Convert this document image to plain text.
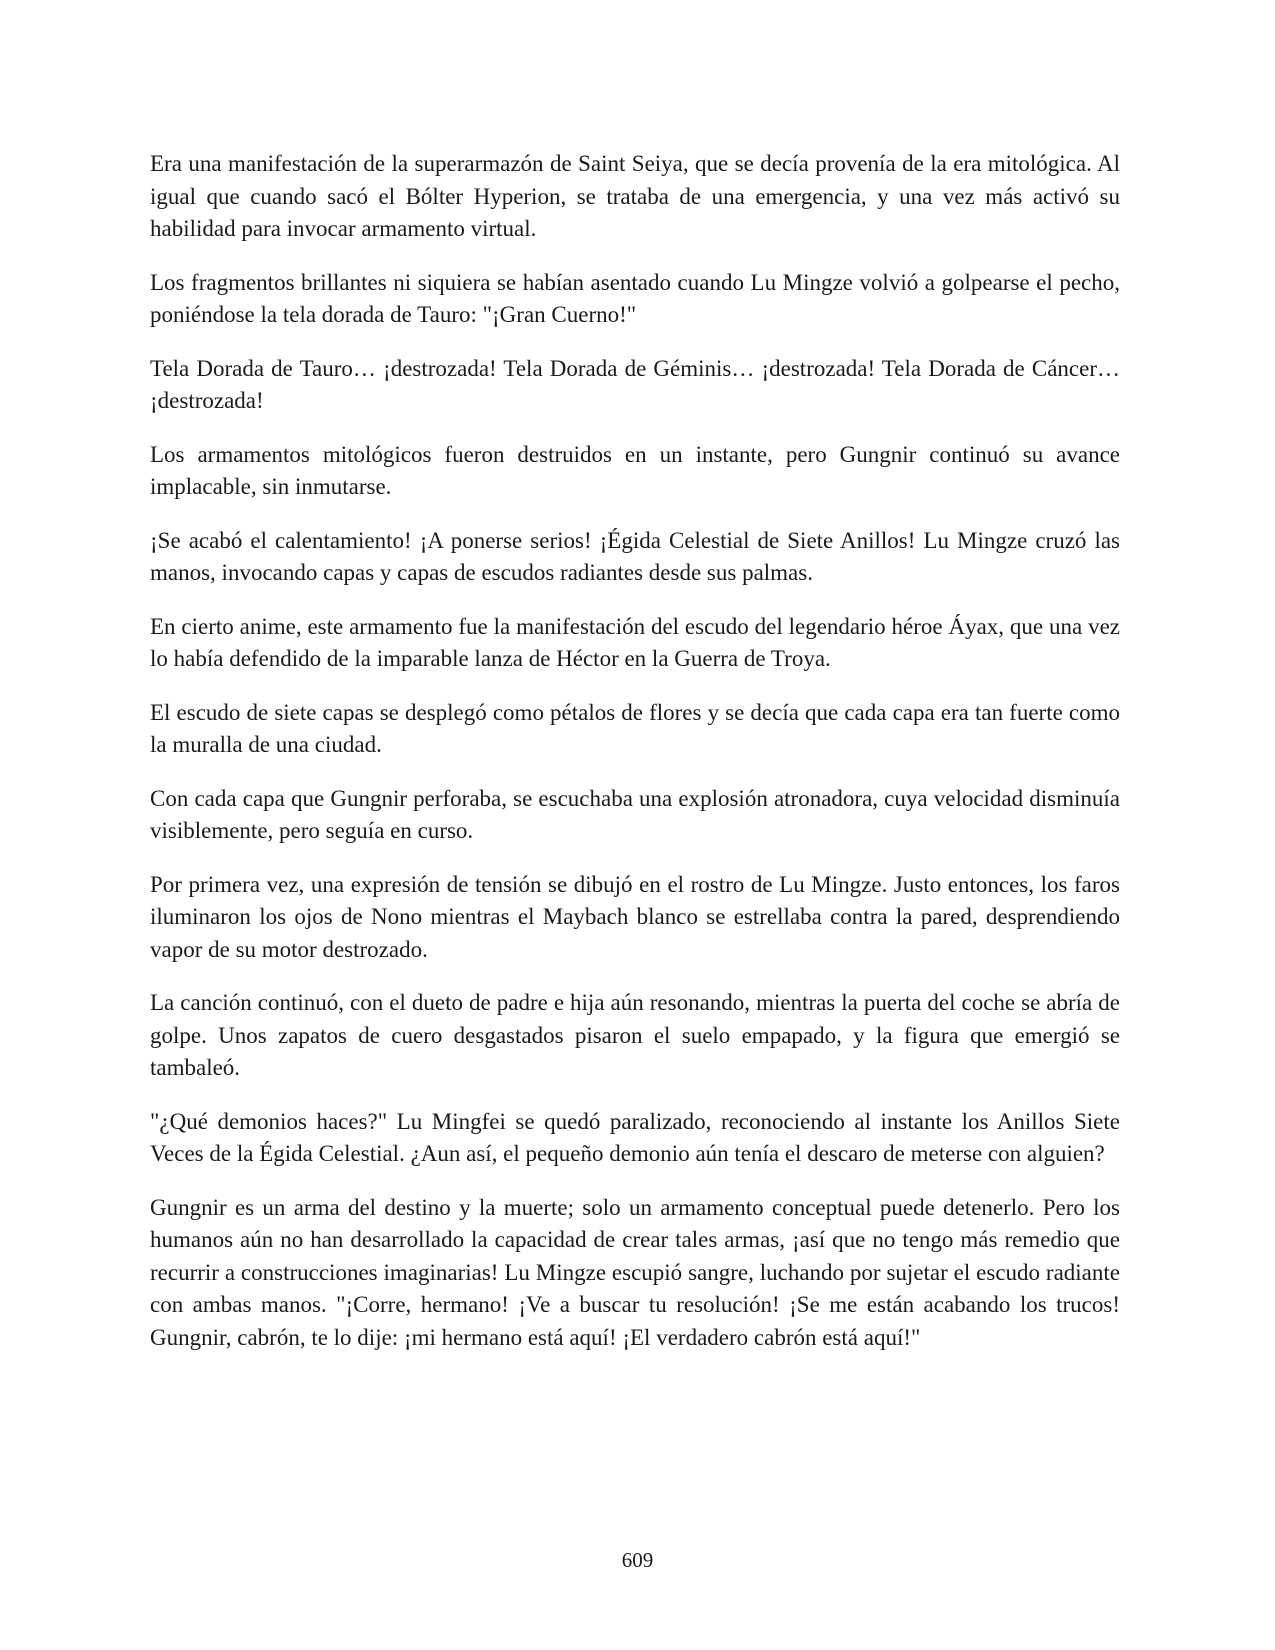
Era una manifestación de la superarmazón de Saint Seiya, que se decía provenía de la era mitológica. Al igual que cuando sacó el Bólter Hyperion, se trataba de una emergencia, y una vez más activó su habilidad para invocar armamento virtual.

Los fragmentos brillantes ni siquiera se habían asentado cuando Lu Mingze volvió a golpearse el pecho, poniéndose la tela dorada de Tauro: "¡Gran Cuerno!"

Tela Dorada de Tauro… ¡destrozada! Tela Dorada de Géminis… ¡destrozada! Tela Dorada de Cáncer… ¡destrozada!

Los armamentos mitológicos fueron destruidos en un instante, pero Gungnir continuó su avance implacable, sin inmutarse.

¡Se acabó el calentamiento! ¡A ponerse serios! ¡Égida Celestial de Siete Anillos! Lu Mingze cruzó las manos, invocando capas y capas de escudos radiantes desde sus palmas.

En cierto anime, este armamento fue la manifestación del escudo del legendario héroe Áyax, que una vez lo había defendido de la imparable lanza de Héctor en la Guerra de Troya.

El escudo de siete capas se desplegó como pétalos de flores y se decía que cada capa era tan fuerte como la muralla de una ciudad.

Con cada capa que Gungnir perforaba, se escuchaba una explosión atronadora, cuya velocidad disminuía visiblemente, pero seguía en curso.

Por primera vez, una expresión de tensión se dibujó en el rostro de Lu Mingze. Justo entonces, los faros iluminaron los ojos de Nono mientras el Maybach blanco se estrellaba contra la pared, desprendiendo vapor de su motor destrozado.

La canción continuó, con el dueto de padre e hija aún resonando, mientras la puerta del coche se abría de golpe. Unos zapatos de cuero desgastados pisaron el suelo empapado, y la figura que emergió se tambaleó.

"¿Qué demonios haces?" Lu Mingfei se quedó paralizado, reconociendo al instante los Anillos Siete Veces de la Égida Celestial. ¿Aun así, el pequeño demonio aún tenía el descaro de meterse con alguien?

Gungnir es un arma del destino y la muerte; solo un armamento conceptual puede detenerlo. Pero los humanos aún no han desarrollado la capacidad de crear tales armas, ¡así que no tengo más remedio que recurrir a construcciones imaginarias! Lu Mingze escupió sangre, luchando por sujetar el escudo radiante con ambas manos. "¡Corre, hermano! ¡Ve a buscar tu resolución! ¡Se me están acabando los trucos! Gungnir, cabrón, te lo dije: ¡mi hermano está aquí! ¡El verdadero cabrón está aquí!"

609
